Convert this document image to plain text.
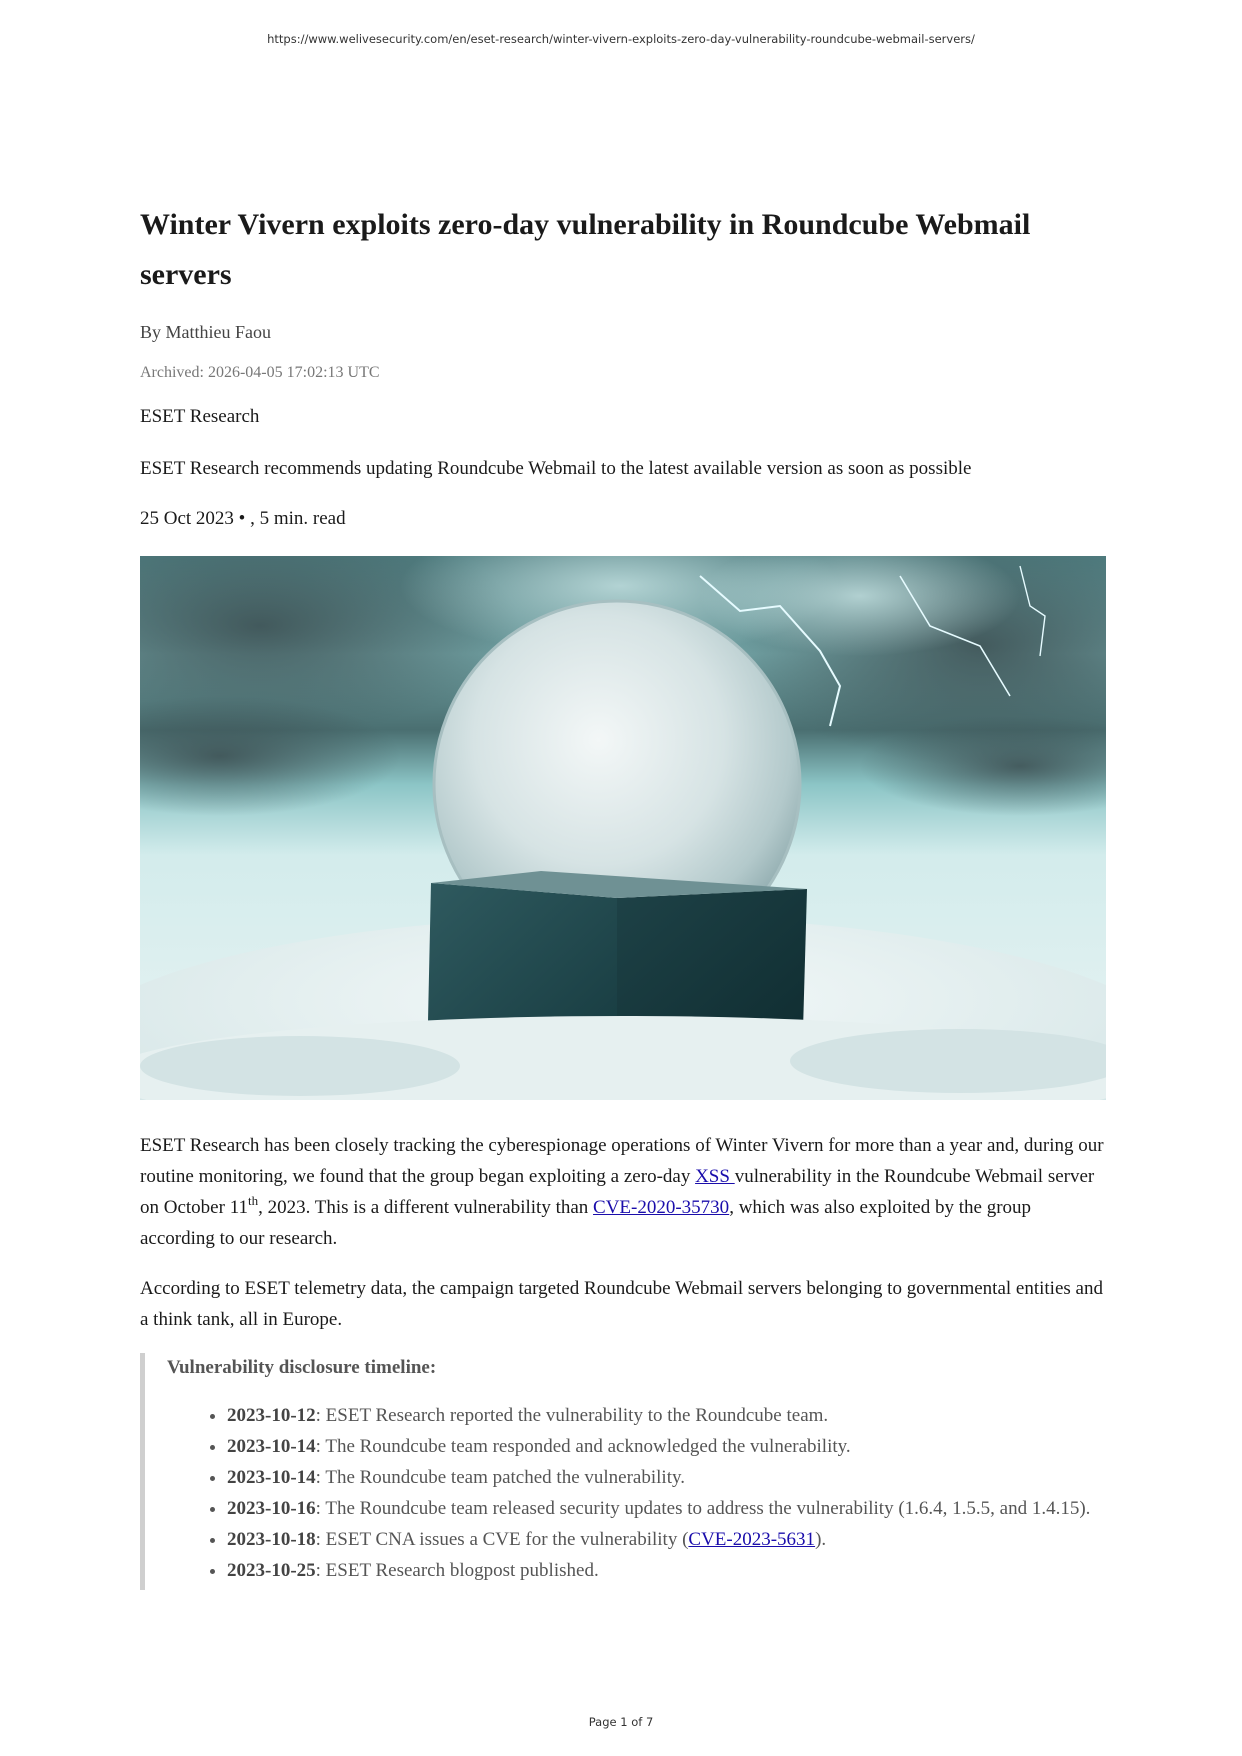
https://www.welivesecurity.com/en/eset-research/winter-vivern-exploits-zero-day-vulnerability-roundcube-webmail-servers/
Winter Vivern exploits zero-day vulnerability in Roundcube Webmail servers
By Matthieu Faou
Archived: 2026-04-05 17:02:13 UTC
ESET Research
ESET Research recommends updating Roundcube Webmail to the latest available version as soon as possible
25 Oct 2023 • , 5 min. read

ESET Research has been closely tracking the cyberespionage operations of Winter Vivern for more than a year and, during our routine monitoring, we found that the group began exploiting a zero-day XSS vulnerability in the Roundcube Webmail server on October 11th, 2023. This is a different vulnerability than CVE-2020-35730, which was also exploited by the group according to our research.

According to ESET telemetry data, the campaign targeted Roundcube Webmail servers belonging to governmental entities and a think tank, all in Europe.

Vulnerability disclosure timeline:
• 2023-10-12: ESET Research reported the vulnerability to the Roundcube team.
• 2023-10-14: The Roundcube team responded and acknowledged the vulnerability.
• 2023-10-14: The Roundcube team patched the vulnerability.
• 2023-10-16: The Roundcube team released security updates to address the vulnerability (1.6.4, 1.5.5, and 1.4.15).
• 2023-10-18: ESET CNA issues a CVE for the vulnerability (CVE-2023-5631).
• 2023-10-25: ESET Research blogpost published.
Page 1 of 7
